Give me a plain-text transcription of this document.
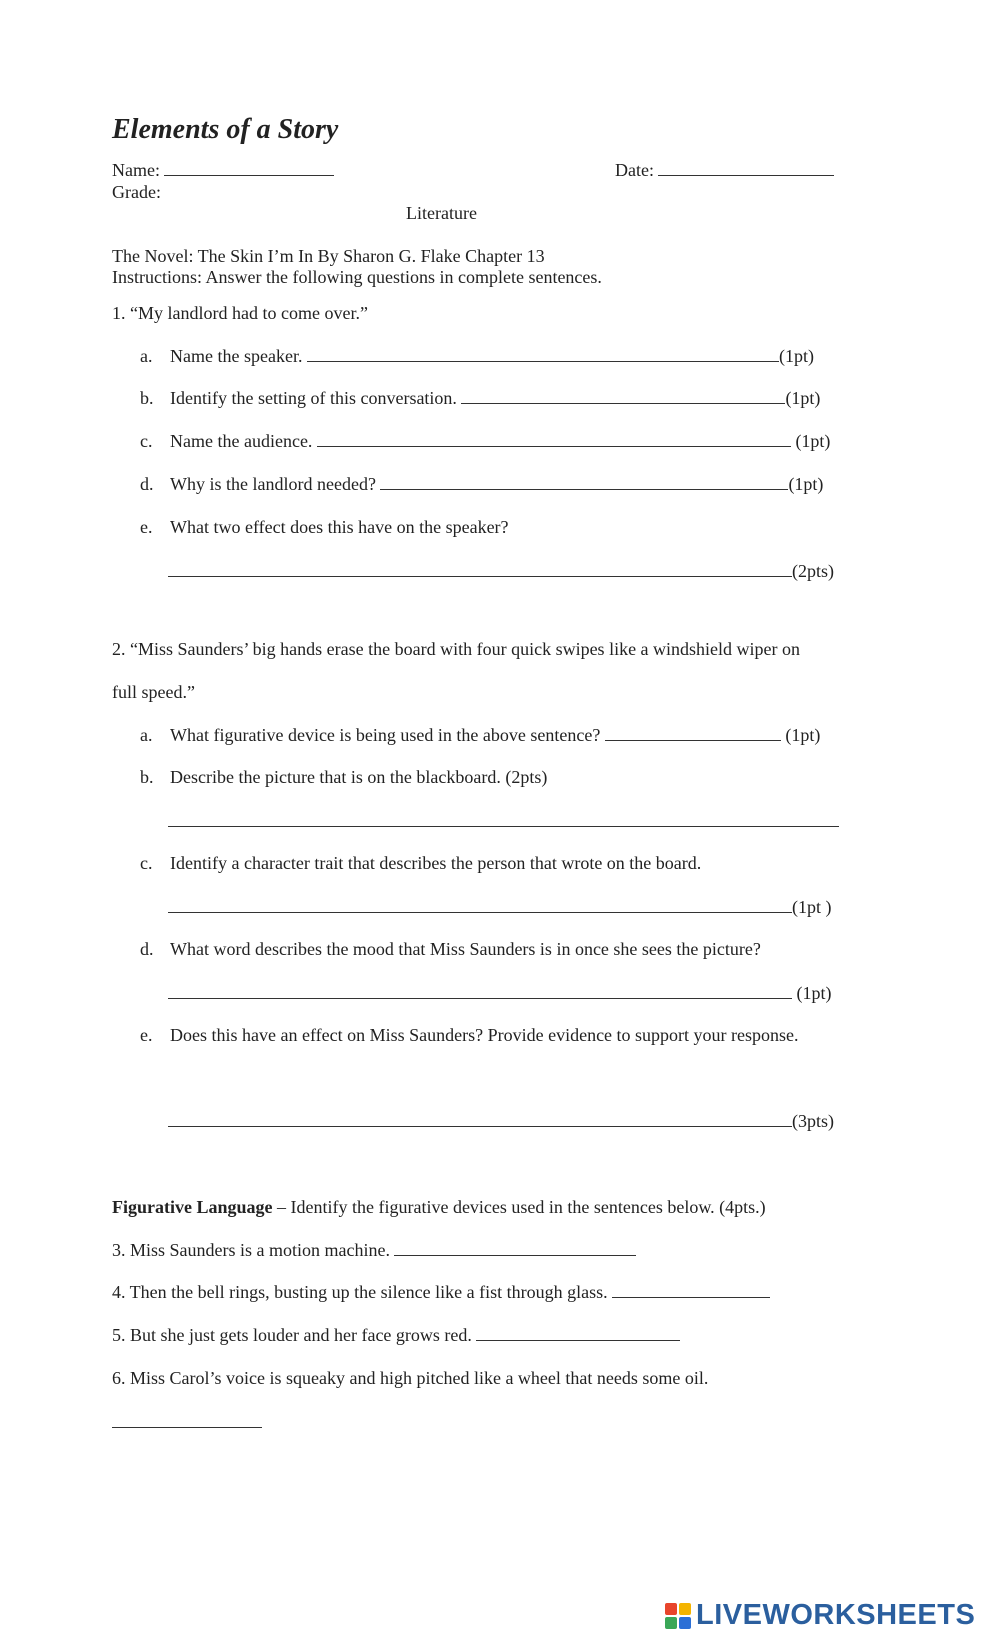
Elements of a Story
Name:	Date:
Grade:
Literature
The Novel: The Skin I’m In By Sharon G. Flake Chapter 13
Instructions: Answer the following questions in complete sentences.
1. “My landlord had to come over.”
a. Name the speaker.	(1pt)
b. Identify the setting of this conversation.	(1pt)
c. Name the audience.	(1pt)
d. Why is the landlord needed?	(1pt)
e. What two effect does this have on the speaker?
(2pts)
2. “Miss Saunders’ big hands erase the board with four quick swipes like a windshield wiper on
full speed.”
a. What figurative device is being used in the above sentence?	(1pt)
b. Describe the picture that is on the blackboard. (2pts)
c. Identify a character trait that describes the person that wrote on the board.
(1pt )
d. What word describes the mood that Miss Saunders is in once she sees the picture?
(1pt)
e. Does this have an effect on Miss Saunders? Provide evidence to support your response.
(3pts)
Figurative Language – Identify the figurative devices used in the sentences below. (4pts.)
3. Miss Saunders is a motion machine.
4. Then the bell rings, busting up the silence like a fist through glass.
5. But she just gets louder and her face grows red.
6. Miss Carol’s voice is squeaky and high pitched like a wheel that needs some oil.
LIVEWORKSHEETS
